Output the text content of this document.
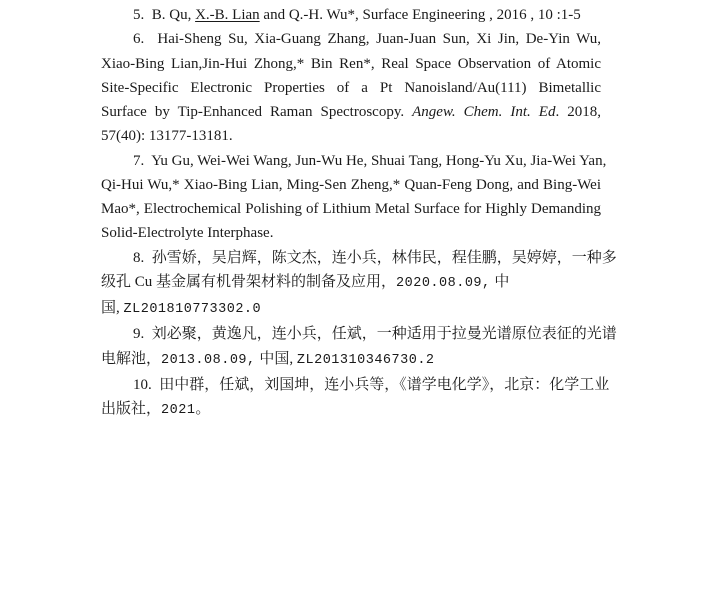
5.  B. Qu, X.-B. Lian and Q.-H. Wu*, Surface Engineering , 2016 , 10 :1-5
6.  Hai-Sheng Su, Xia-Guang Zhang, Juan-Juan Sun, Xi Jin, De-Yin Wu,
Xiao-Bing Lian,Jin-Hui Zhong,* Bin Ren*, Real Space Observation of Atomic
Site-Specific Electronic Properties of a Pt Nanoisland/Au(111) Bimetallic
Surface by Tip-Enhanced Raman Spectroscopy. Angew. Chem. Int. Ed. 2018,
57(40): 13177-13181.
7.  Yu Gu, Wei-Wei Wang, Jun-Wu He, Shuai Tang, Hong-Yu Xu, Jia-Wei Yan,
Qi-Hui Wu,* Xiao-Bing Lian, Ming-Sen Zheng,* Quan-Feng Dong, and Bing-Wei
Mao*, Electrochemical Polishing of Lithium Metal Surface for Highly Demanding
Solid-Electrolyte Interphase.
8.  孙雪娇，吴启辉，陈文杰，连小兵，林伟民，程佳鹏，吴婷婷，一种多
级孔 Cu 基金属有机骨架材料的制备及应用，2020.08.09, 中
国, ZL201810773302.0
9.  刘必聚，黄逸凡，连小兵，任斌，一种适用于拉曼光谱原位表征的光谱
电解池，2013.08.09, 中国, ZL201310346730.2
10.  田中群，任斌，刘国坤，连小兵等，《谱学电化学》，北京：化学工业
出版社，2021。
